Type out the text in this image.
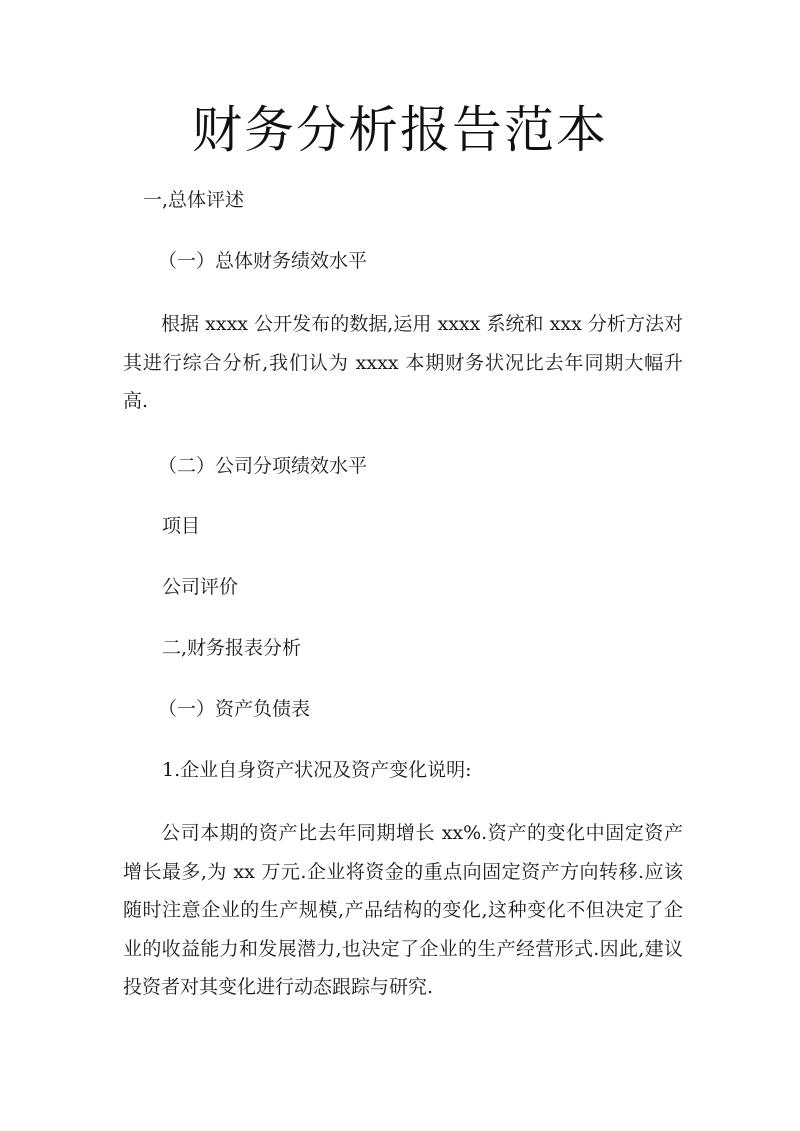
财务分析报告范本
一,总体评述
（一）总体财务绩效水平
根据 xxxx 公开发布的数据,运用 xxxx 系统和 xxx 分析方法对其进行综合分析,我们认为 xxxx 本期财务状况比去年同期大幅升高.
（二）公司分项绩效水平
项目
公司评价
二,财务报表分析
（一）资产负债表
1.企业自身资产状况及资产变化说明:
公司本期的资产比去年同期增长 xx%.资产的变化中固定资产增长最多,为 xx 万元.企业将资金的重点向固定资产方向转移.应该随时注意企业的生产规模,产品结构的变化,这种变化不但决定了企业的收益能力和发展潜力,也决定了企业的生产经营形式.因此,建议投资者对其变化进行动态跟踪与研究.
